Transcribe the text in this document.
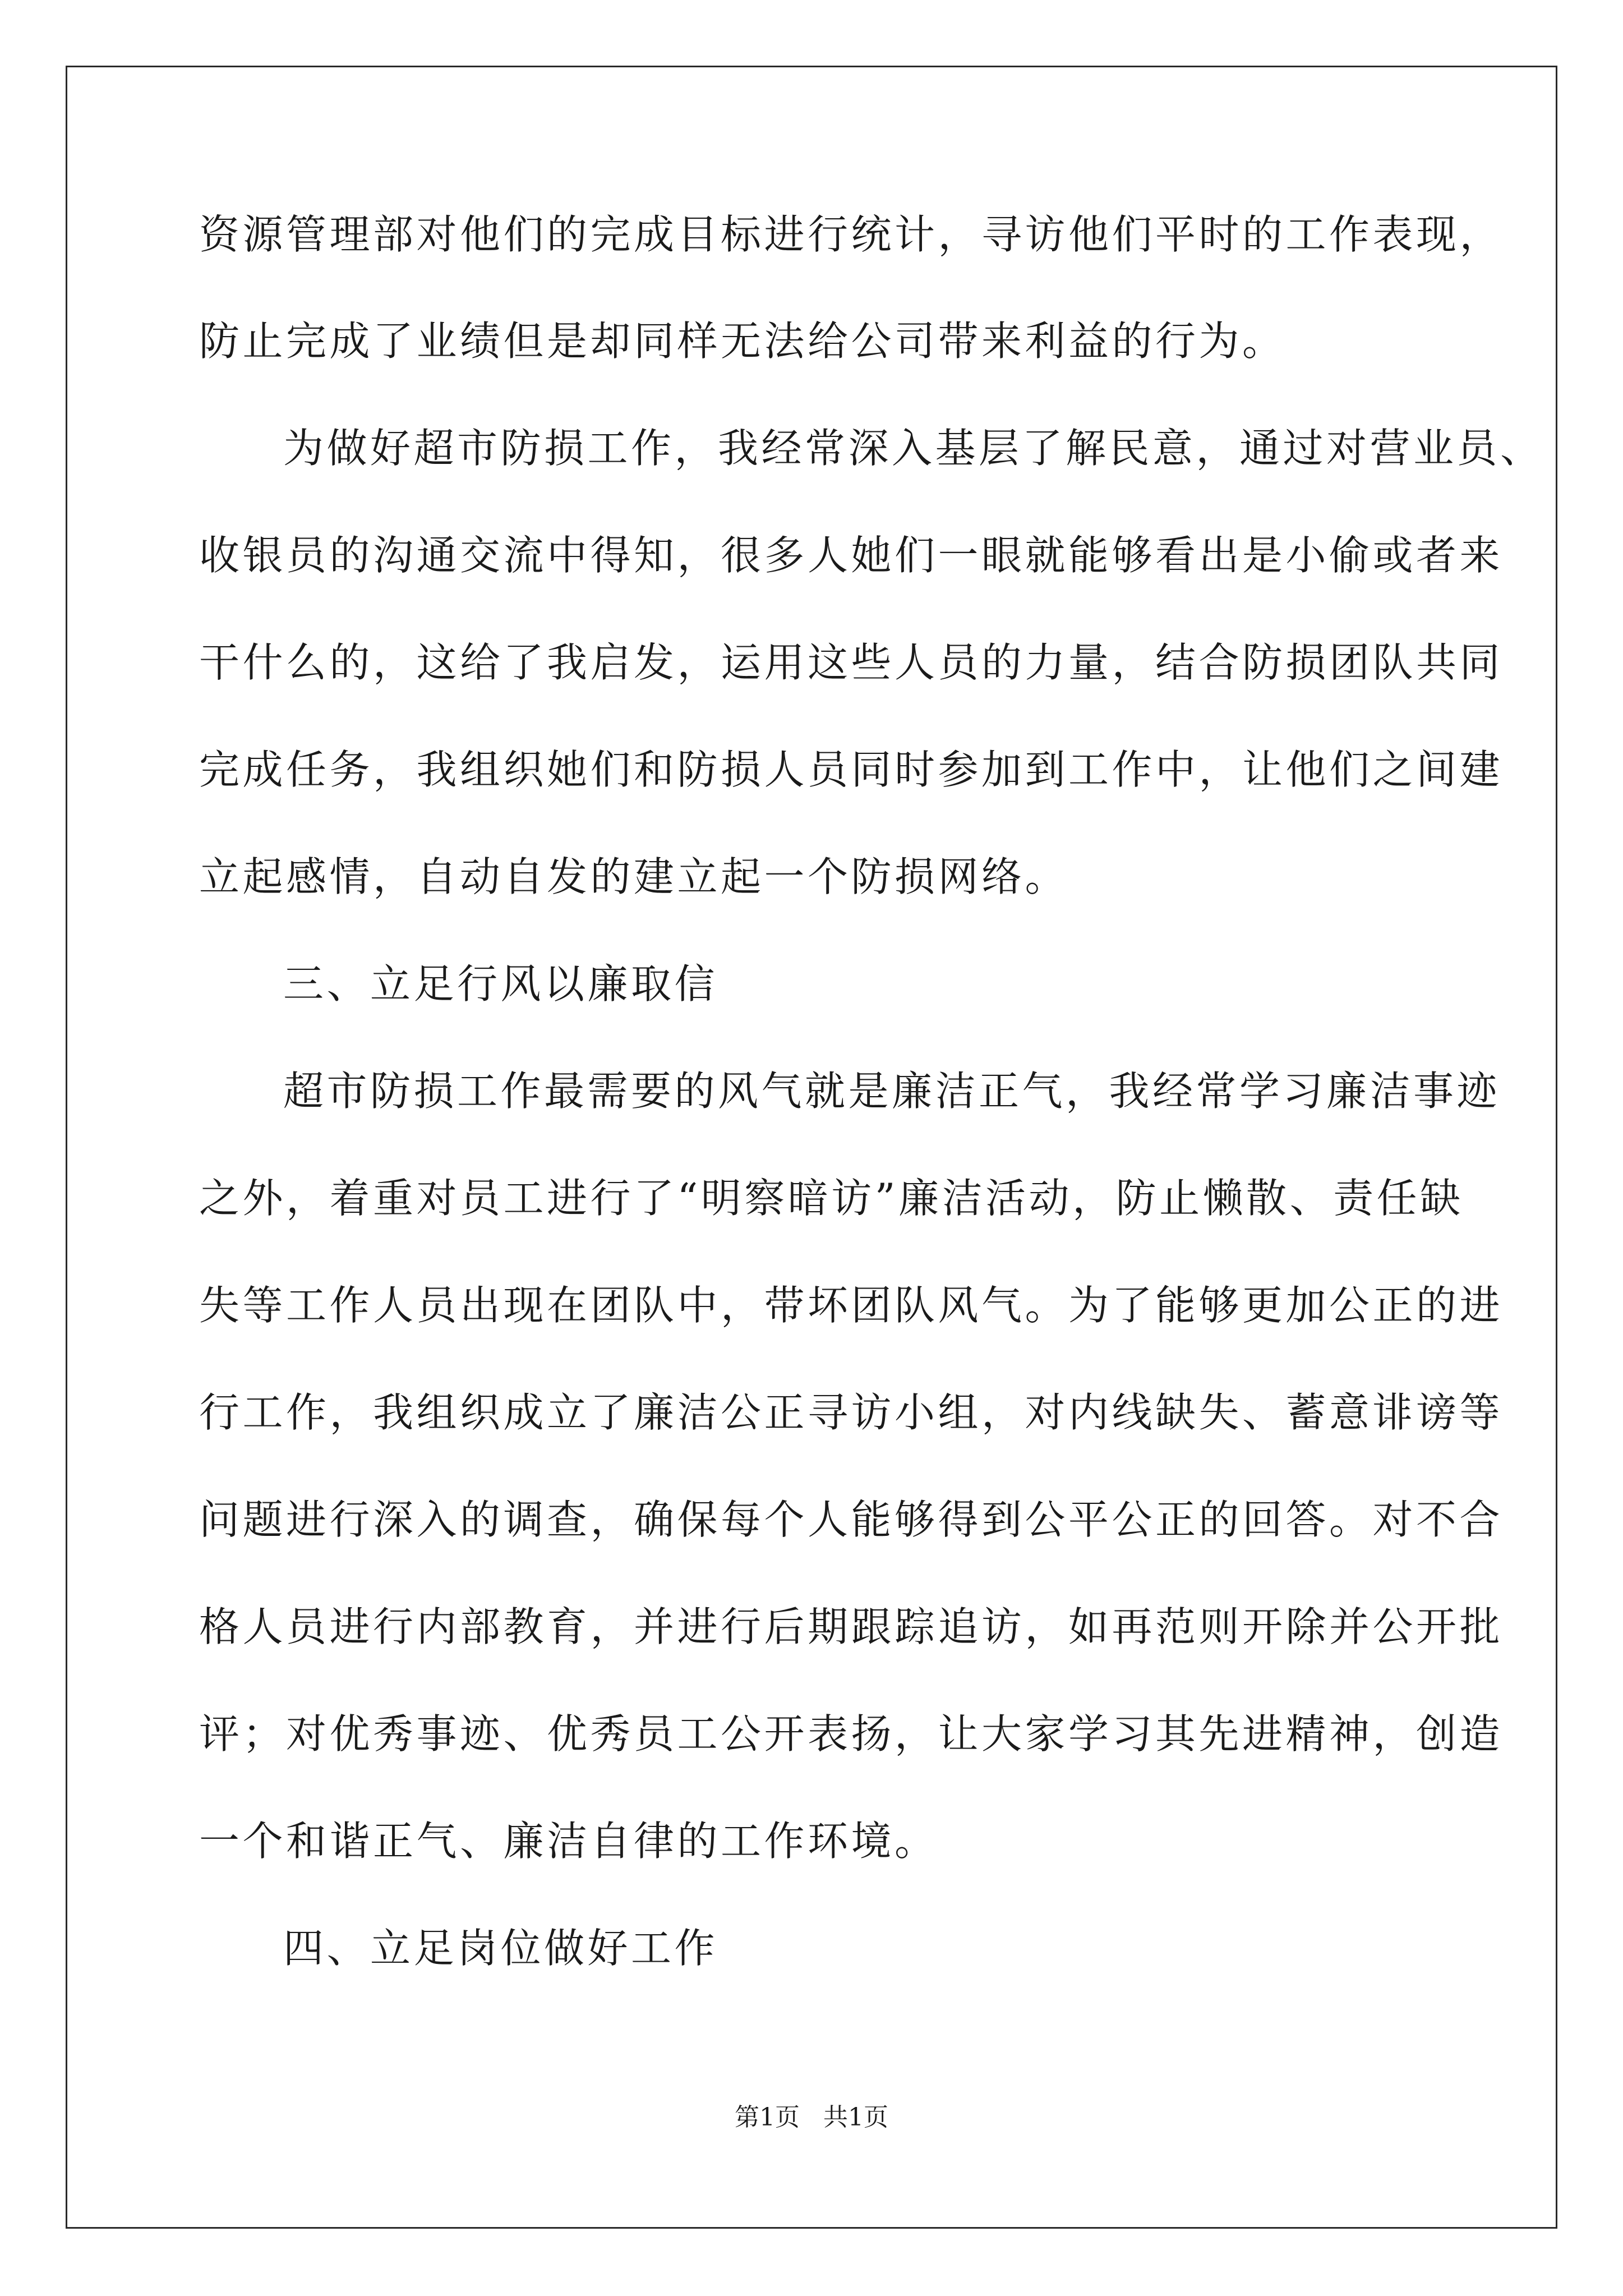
资源管理部对他们的完成目标进行统计，寻访他们平时的工作表现，
防止完成了业绩但是却同样无法给公司带来利益的行为。
为做好超市防损工作，我经常深入基层了解民意，通过对营业员、
收银员的沟通交流中得知，很多人她们一眼就能够看出是小偷或者来
干什么的，这给了我启发，运用这些人员的力量，结合防损团队共同
完成任务，我组织她们和防损人员同时参加到工作中，让他们之间建
立起感情，自动自发的建立起一个防损网络。
三、立足行风以廉取信
超市防损工作最需要的风气就是廉洁正气，我经常学习廉洁事迹
之外，着重对员工进行了“明察暗访”廉洁活动，防止懒散、责任缺
失等工作人员出现在团队中，带坏团队风气。为了能够更加公正的进
行工作，我组织成立了廉洁公正寻访小组，对内线缺失、蓄意诽谤等
问题进行深入的调查，确保每个人能够得到公平公正的回答。对不合
格人员进行内部教育，并进行后期跟踪追访，如再范则开除并公开批
评；对优秀事迹、优秀员工公开表扬，让大家学习其先进精神，创造
一个和谐正气、廉洁自律的工作环境。
四、立足岗位做好工作
第1页   共1页
